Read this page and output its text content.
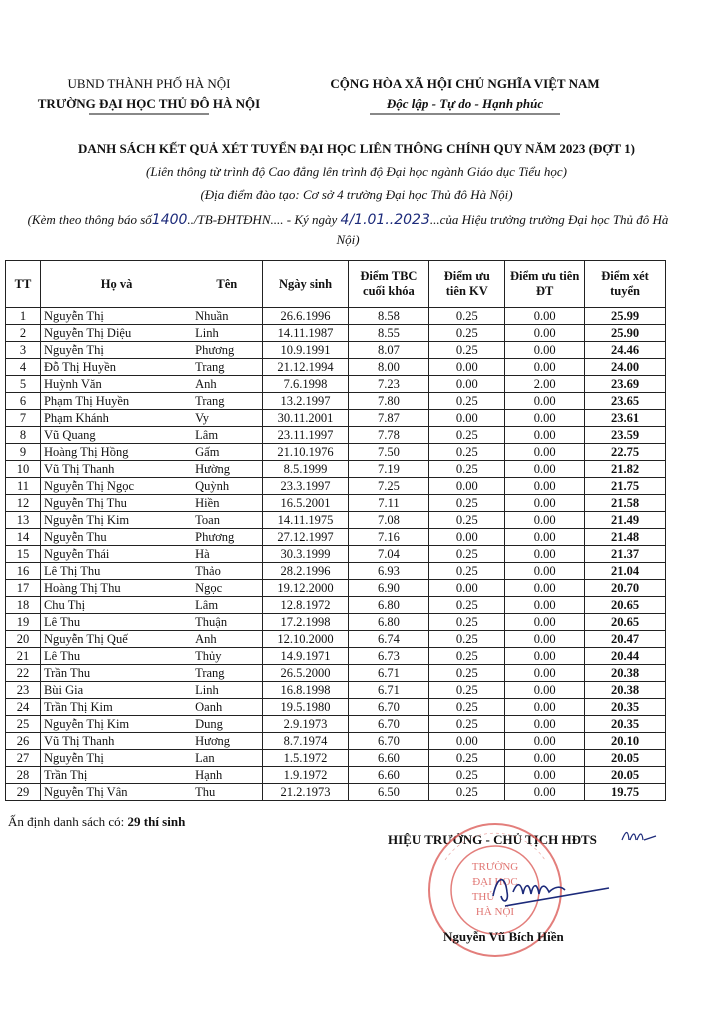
UBND THÀNH PHỐ HÀ NỘI
TRƯỜNG ĐẠI HỌC THỦ ĐÔ HÀ NỘI
CỘNG HÒA XÃ HỘI CHỦ NGHĨA VIỆT NAM
Độc lập - Tự do - Hạnh phúc
DANH SÁCH KẾT QUẢ XÉT TUYỂN ĐẠI HỌC LIÊN THÔNG CHÍNH QUY NĂM 2023 (ĐỢT 1)
(Liên thông từ trình độ Cao đẳng lên trình độ Đại học ngành Giáo dục Tiểu học)
(Địa điểm đào tạo: Cơ sở 4 trường Đại học Thủ đô Hà Nội)
(Kèm theo thông báo số1400../TB-ĐHTĐHN.... - Ký ngày 4/1.01..2023...của Hiệu trưởng trường Đại học Thủ đô Hà Nội)
TT	Họ và	Tên	Ngày sinh	Điểm TBC cuối khóa	Điểm ưu tiên KV	Điểm ưu tiên ĐT	Điểm xét tuyển
1	Nguyễn Thị	Nhuần	26.6.1996	8.58	0.25	0.00	25.99
2	Nguyễn Thị Diệu	Linh	14.11.1987	8.55	0.25	0.00	25.90
3	Nguyễn Thị	Phương	10.9.1991	8.07	0.25	0.00	24.46
4	Đỗ Thị Huyền	Trang	21.12.1994	8.00	0.00	0.00	24.00
5	Huỳnh Văn	Anh	7.6.1998	7.23	0.00	2.00	23.69
6	Phạm Thị Huyền	Trang	13.2.1997	7.80	0.25	0.00	23.65
7	Phạm Khánh	Vy	30.11.2001	7.87	0.00	0.00	23.61
8	Vũ Quang	Lâm	23.11.1997	7.78	0.25	0.00	23.59
9	Hoàng Thị Hồng	Gấm	21.10.1976	7.50	0.25	0.00	22.75
10	Vũ Thị Thanh	Hường	8.5.1999	7.19	0.25	0.00	21.82
11	Nguyễn Thị Ngọc	Quỳnh	23.3.1997	7.25	0.00	0.00	21.75
12	Nguyễn Thị Thu	Hiền	16.5.2001	7.11	0.25	0.00	21.58
13	Nguyễn Thị Kim	Toan	14.11.1975	7.08	0.25	0.00	21.49
14	Nguyễn Thu	Phương	27.12.1997	7.16	0.00	0.00	21.48
15	Nguyễn Thái	Hà	30.3.1999	7.04	0.25	0.00	21.37
16	Lê Thị Thu	Thảo	28.2.1996	6.93	0.25	0.00	21.04
17	Hoàng Thị Thu	Ngọc	19.12.2000	6.90	0.00	0.00	20.70
18	Chu Thị	Lâm	12.8.1972	6.80	0.25	0.00	20.65
19	Lê Thu	Thuận	17.2.1998	6.80	0.25	0.00	20.65
20	Nguyễn Thị Quế	Anh	12.10.2000	6.74	0.25	0.00	20.47
21	Lê Thu	Thủy	14.9.1971	6.73	0.25	0.00	20.44
22	Trần Thu	Trang	26.5.2000	6.71	0.25	0.00	20.38
23	Bùi Gia	Linh	16.8.1998	6.71	0.25	0.00	20.38
24	Trần Thị Kim	Oanh	19.5.1980	6.70	0.25	0.00	20.35
25	Nguyễn Thị Kim	Dung	2.9.1973	6.70	0.25	0.00	20.35
26	Vũ Thị Thanh	Hương	8.7.1974	6.70	0.00	0.00	20.10
27	Nguyễn Thị	Lan	1.5.1972	6.60	0.25	0.00	20.05
28	Trần Thị	Hạnh	1.9.1972	6.60	0.25	0.00	20.05
29	Nguyễn Thị Vân	Thu	21.2.1973	6.50	0.25	0.00	19.75
Ấn định danh sách có: 29 thí sinh
HIỆU TRƯỞNG - CHỦ TỊCH HĐTS
TRƯỜNG
ĐẠI HỌC
THỦ
HÀ NỘI
Nguyễn Vũ Bích Hiền
